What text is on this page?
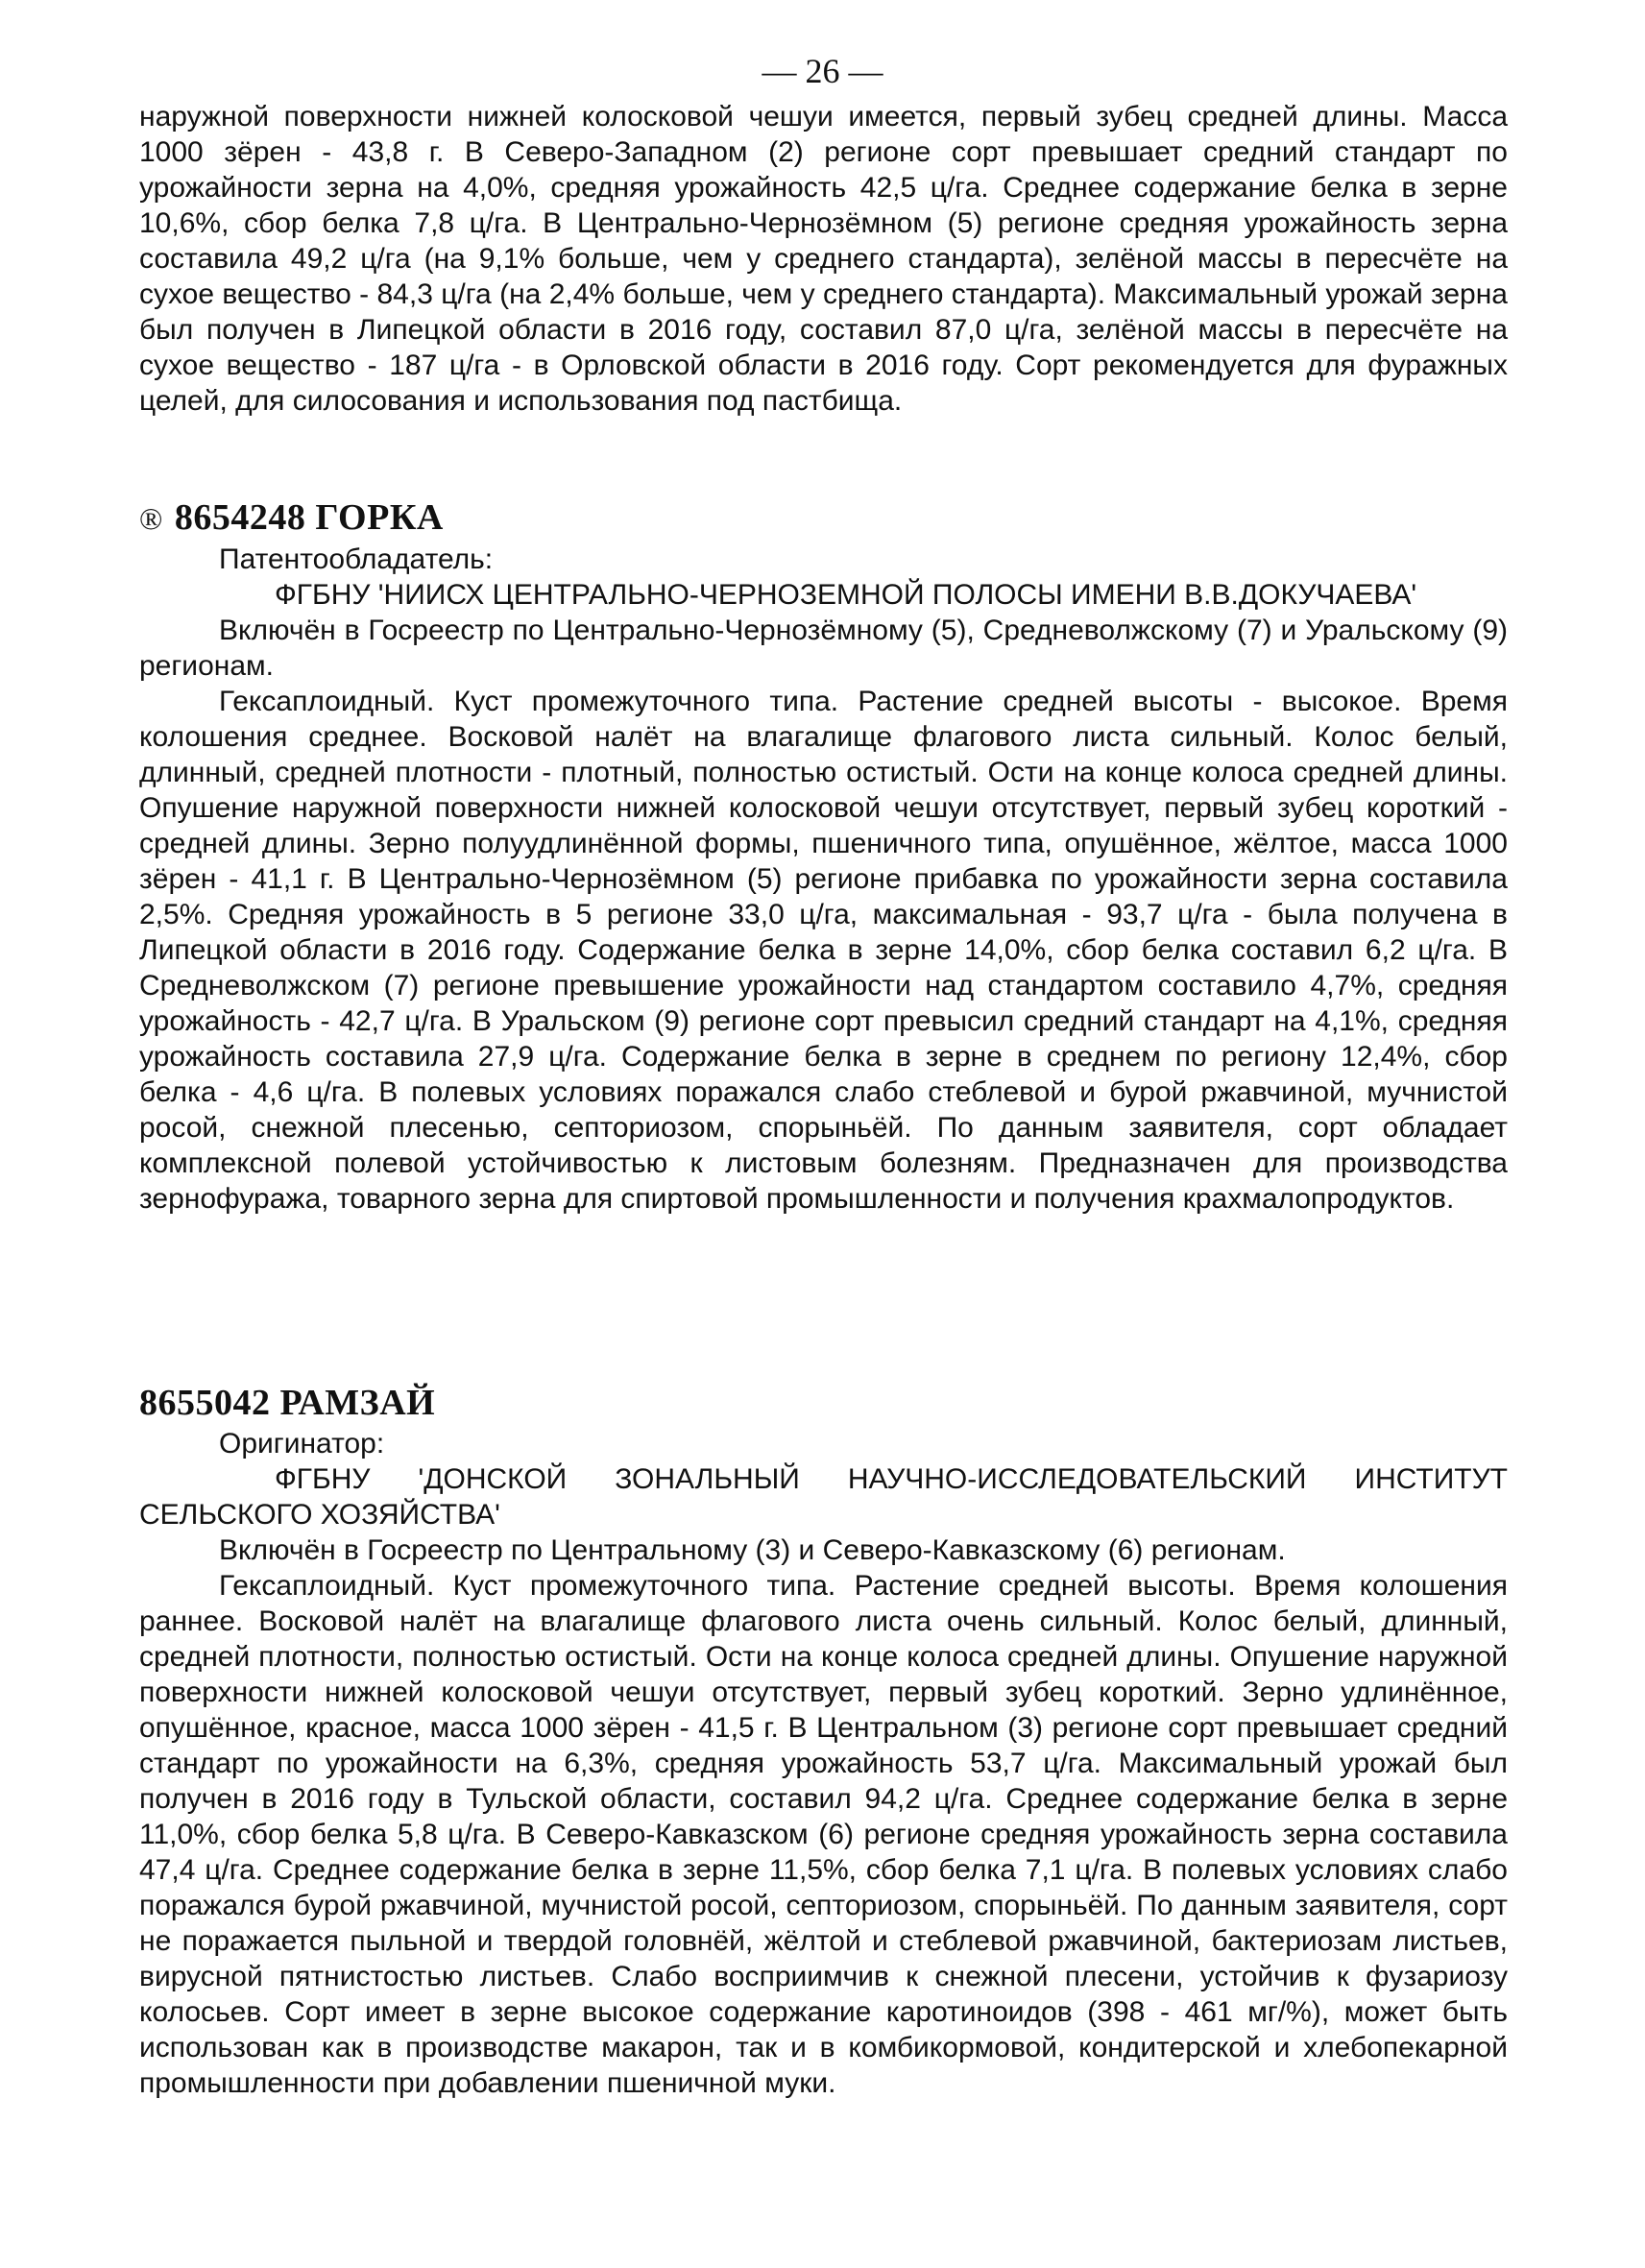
— 26 —

наружной поверхности нижней колосковой чешуи имеется, первый зубец средней длины. Масса 1000 зёрен - 43,8 г. В Северо-Западном (2) регионе сорт превышает средний стандарт по урожайности зерна на 4,0%, средняя урожайность 42,5 ц/га. Среднее содержание белка в зерне 10,6%, сбор белка 7,8 ц/га. В Центрально-Чернозёмном (5) регионе средняя урожайность зерна составила 49,2 ц/га (на 9,1% больше, чем у среднего стандарта), зелёной массы в пересчёте на сухое вещество - 84,3 ц/га (на 2,4% больше, чем у среднего стандарта). Максимальный урожай зерна был получен в Липецкой области в 2016 году, составил 87,0 ц/га, зелёной массы в пересчёте на сухое вещество - 187 ц/га - в Орловской области в 2016 году. Сорт рекомендуется для фуражных целей, для силосования и использования под пастбища.

® 8654248 ГОРКА
Патентообладатель:

ФГБНУ 'НИИСХ ЦЕНТРАЛЬНО-ЧЕРНОЗЕМНОЙ ПОЛОСЫ ИМЕНИ В.В.ДОКУЧАЕВА'

Включён в Госреестр по Центрально-Чернозёмному (5), Средневолжскому (7) и Уральскому (9) регионам.

Гексаплоидный. Куст промежуточного типа. Растение средней высоты - высокое. Время колошения среднее. Восковой налёт на влагалище флагового листа сильный. Колос белый, длинный, средней плотности - плотный, полностью остистый. Ости на конце колоса средней длины. Опушение наружной поверхности нижней колосковой чешуи отсутствует, первый зубец короткий - средней длины. Зерно полуудлинённой формы, пшеничного типа, опушённое, жёлтое, масса 1000 зёрен - 41,1 г. В Центрально-Чернозёмном (5) регионе прибавка по урожайности зерна составила 2,5%. Средняя урожайность в 5 регионе 33,0 ц/га, максимальная - 93,7 ц/га - была получена в Липецкой области в 2016 году. Содержание белка в зерне 14,0%, сбор белка составил 6,2 ц/га. В Средневолжском (7) регионе превышение урожайности над стандартом составило 4,7%, средняя урожайность - 42,7 ц/га. В Уральском (9) регионе сорт превысил средний стандарт на 4,1%, средняя урожайность составила 27,9 ц/га. Содержание белка в зерне в среднем по региону 12,4%, сбор белка - 4,6 ц/га. В полевых условиях поражался слабо стеблевой и бурой ржавчиной, мучнистой росой, снежной плесенью, септориозом, спорыньёй. По данным заявителя, сорт обладает комплексной полевой устойчивостью к листовым болезням. Предназначен для производства зернофуража, товарного зерна для спиртовой промышленности и получения крахмалопродуктов.

8655042 РАМЗАЙ
Оригинатор:

ФГБНУ 'ДОНСКОЙ ЗОНАЛЬНЫЙ НАУЧНО-ИССЛЕДОВАТЕЛЬСКИЙ ИНСТИТУТ СЕЛЬСКОГО ХОЗЯЙСТВА'

Включён в Госреестр по Центральному (3) и Северо-Кавказскому (6) регионам.

Гексаплоидный. Куст промежуточного типа. Растение средней высоты. Время колошения раннее. Восковой налёт на влагалище флагового листа очень сильный. Колос белый, длинный, средней плотности, полностью остистый. Ости на конце колоса средней длины. Опушение наружной поверхности нижней колосковой чешуи отсутствует, первый зубец короткий. Зерно удлинённое, опушённое, красное, масса 1000 зёрен - 41,5 г. В Центральном (3) регионе сорт превышает средний стандарт по урожайности на 6,3%, средняя урожайность 53,7 ц/га. Максимальный урожай был получен в 2016 году в Тульской области, составил 94,2 ц/га. Среднее содержание белка в зерне 11,0%, сбор белка 5,8 ц/га. В Северо-Кавказском (6) регионе средняя урожайность зерна составила 47,4 ц/га. Среднее содержание белка в зерне 11,5%, сбор белка 7,1 ц/га. В полевых условиях слабо поражался бурой ржавчиной, мучнистой росой, септориозом, спорыньёй. По данным заявителя, сорт не поражается пыльной и твердой головнёй, жёлтой и стеблевой ржавчиной, бактериозам листьев, вирусной пятнистостью листьев. Слабо восприимчив к снежной плесени, устойчив к фузариозу колосьев. Сорт имеет в зерне высокое содержание каротиноидов (398 - 461 мг/%), может быть использован как в производстве макарон, так и в комбикормовой, кондитерской и хлебопекарной промышленности при добавлении пшеничной муки.
